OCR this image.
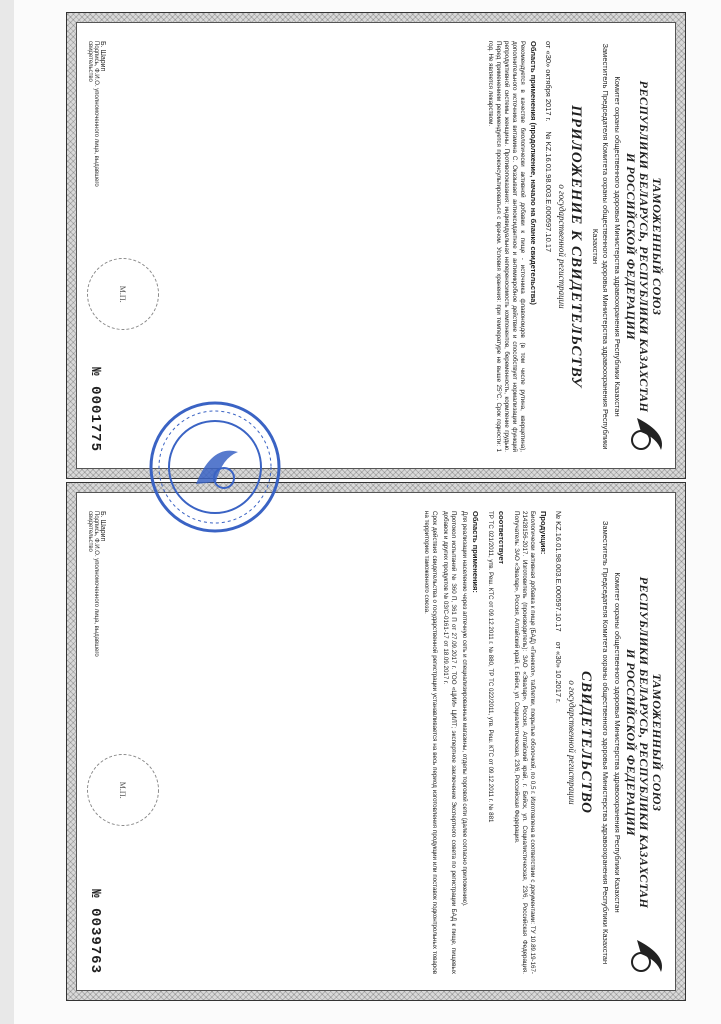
ТАМОЖЕННЫЙ СОЮЗ
РЕСПУБЛИКИ БЕЛАРУСЬ, РЕСПУБЛИКИ КАЗАХСТАН
И РОССИЙСКОЙ ФЕДЕРАЦИИ
Комитет охраны общественного здоровья Министерства здравоохранения Республики Казахстан
Заместитель Председателя Комитета охраны общественного здоровья Министерства здравоохранения Республики Казахстан
ПРИЛОЖЕНИЕ К СВИДЕТЕЛЬСТВУ
о государственной регистрации
от «30» октября 2017 г.
№ KZ.16.01.98.003.Е.000597.10.17
Область применения (продолжение, начало на бланке свидетельства)
Рекомендуется в качестве биологически активной добавки к пище - источника флавоноидов (в том числе рутина, кверцетина), дополнительного источника витамина С. Оказывает антиоксидантное и антимикробное действие и способствует нормализации функций репродуктивной системы женщины. Противопоказания: индивидуальная непереносимость компонентов, беременность, кормление грудью. Перед применением рекомендуется проконсультироваться с врачом. Условия хранения: при температуре не выше 25°С. Срок годности: 1 год. Не является лекарством.
Б. Шарип
Подпись, Ф.И.О. уполномоченного лица, выдавшего свидетельство
М.П.
№ 0001775
ТАМОЖЕННЫЙ СОЮЗ
РЕСПУБЛИКИ БЕЛАРУСЬ, РЕСПУБЛИКИ КАЗАХСТАН
И РОССИЙСКОЙ ФЕДЕРАЦИИ
Комитет охраны общественного здоровья Министерства здравоохранения Республики Казахстан
Заместитель Председателя Комитета охраны общественного здоровья Министерства здравоохранения Республики Казахстан
СВИДЕТЕЛЬСТВО
о государственной регистрации
№ KZ.16.01.98.003.Е.000597.10.17
от «30» 10.2017 г.
Продукция:
Биологически активная добавка к пище (БАД) «Гинекол», таблетки, покрытые оболочкой, по 0,5 г. Изготовлена в соответствии с документами: ТУ 10.89.19-167-21428156-2017. Изготовитель (производитель): ЗАО «Эвалар», Россия, Алтайский край, г. Бийск, ул. Социалистическая, 23/6, Российская Федерация. Получатель: ЗАО «Эвалар», Россия, Алтайский край, г. Бийск, ул. Социалистическая, 23/6, Российская Федерация.
соответствует
ТР ТС 021/2011, утв. Реш. КТС от 09.12.2011 г. № 880, ТР ТС 022/2011, утв. Реш. КТС от 09.12.2011 г. № 881
Область применения:
Для реализации населению через аптечную сеть и специализированные магазины, отделы торговой сети (далее согласно приложению).
Протокол испытаний № 360 П, 361 П от 27.09.2017 г. ТОО «ЦИИ» ЦИЛТ; экспертное заключение Экспертного совета по регистрации БАД к пище, пищевых добавок и других продуктов № 03/С-0161-17 от 18.09.2017 г.
Срок действия свидетельства о государственной регистрации устанавливается на весь период изготовления продукции или поставок подконтрольных товаров на территорию таможенного союза.
Б. Шарип
Подпись, Ф.И.О. уполномоченного лица, выдавшего свидетельство
М.П.
№ 0039763
